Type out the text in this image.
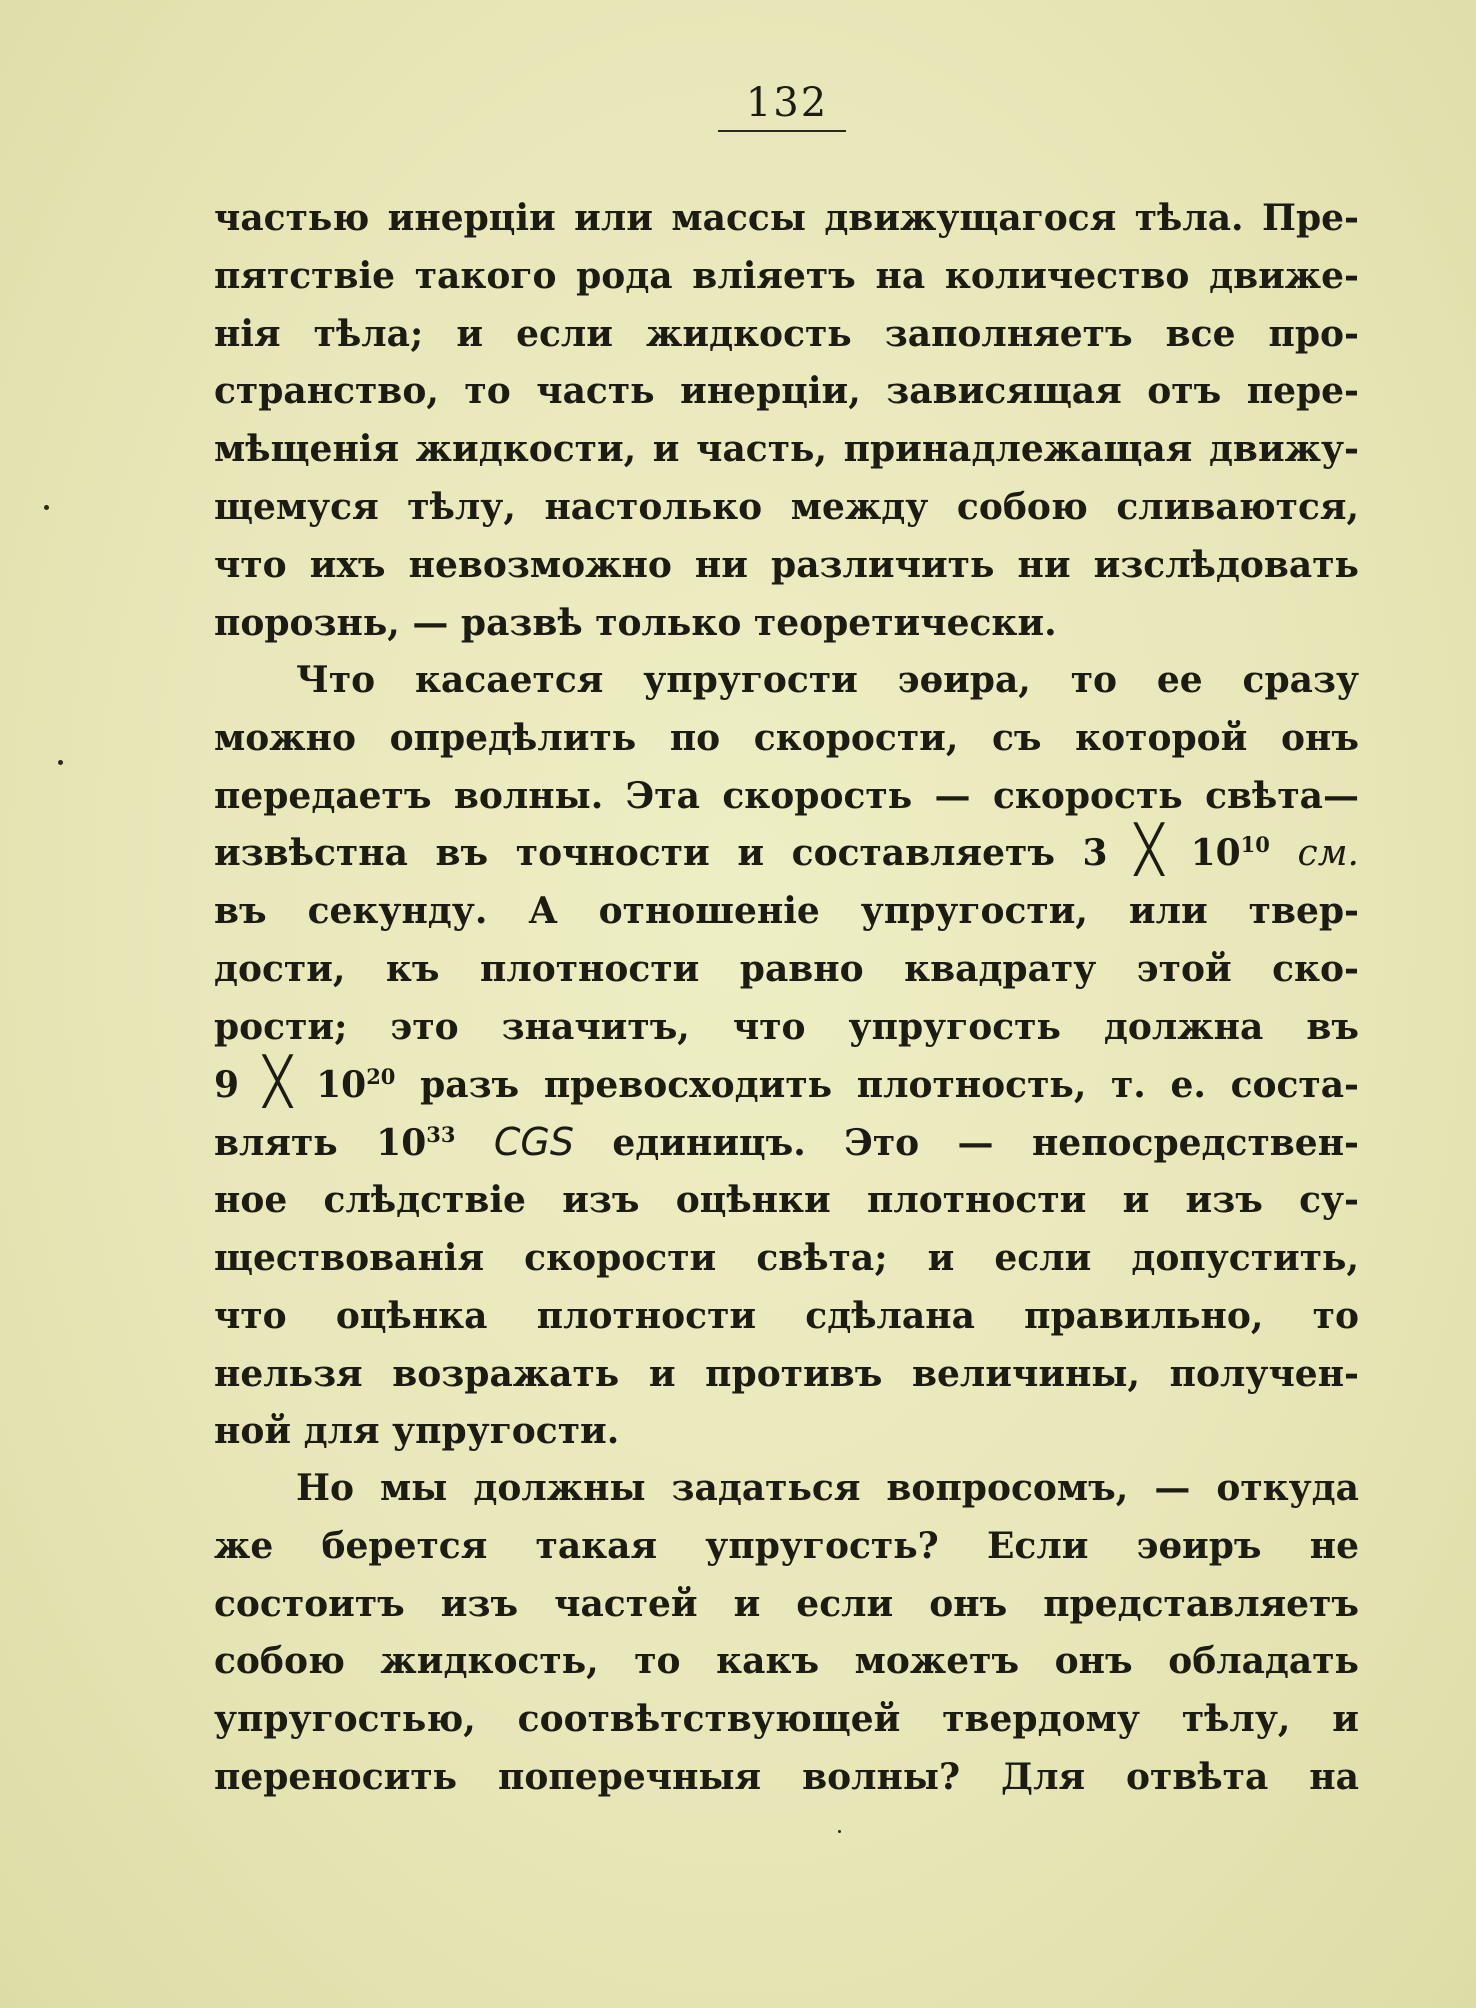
132
частью инерціи или массы движущагося тѣла. Пре-
пятствіе такого рода вліяетъ на количество движе-
нія тѣла; и если жидкость заполняетъ все про-
странство, то часть инерціи, зависящая отъ пере-
мѣщенія жидкости, и часть, принадлежащая движу-
щемуся тѣлу, настолько между собою сливаются,
что ихъ невозможно ни различить ни изслѣдовать
порознь, — развѣ только теоретически.
Что касается упругости эѳира, то ее сразу
можно опредѣлить по скорости, съ которой онъ
передаетъ волны. Эта скорость — скорость свѣта—
извѣстна въ точности и составляетъ 3 ╳ $10^{10}$ см.
въ секунду. А отношеніе упругости, или твер-
дости, къ плотности равно квадрату этой ско-
рости; это значитъ, что упругость должна въ
9 ╳ $10^{20}$ разъ превосходить плотность, т. е. соста-
влять $10^{33}$ CGS единицъ. Это — непосредствен-
ное слѣдствіе изъ оцѣнки плотности и изъ су-
ществованія скорости свѣта; и если допустить,
что оцѣнка плотности сдѣлана правильно, то
нельзя возражать и противъ величины, получен-
ной для упругости.
Но мы должны задаться вопросомъ, — откуда
же берется такая упругость? Если эѳиръ не
состоитъ изъ частей и если онъ представляетъ
собою жидкость, то какъ можетъ онъ обладать
упругостью, соотвѣтствующей твердому тѣлу, и
переносить поперечныя волны? Для отвѣта на
